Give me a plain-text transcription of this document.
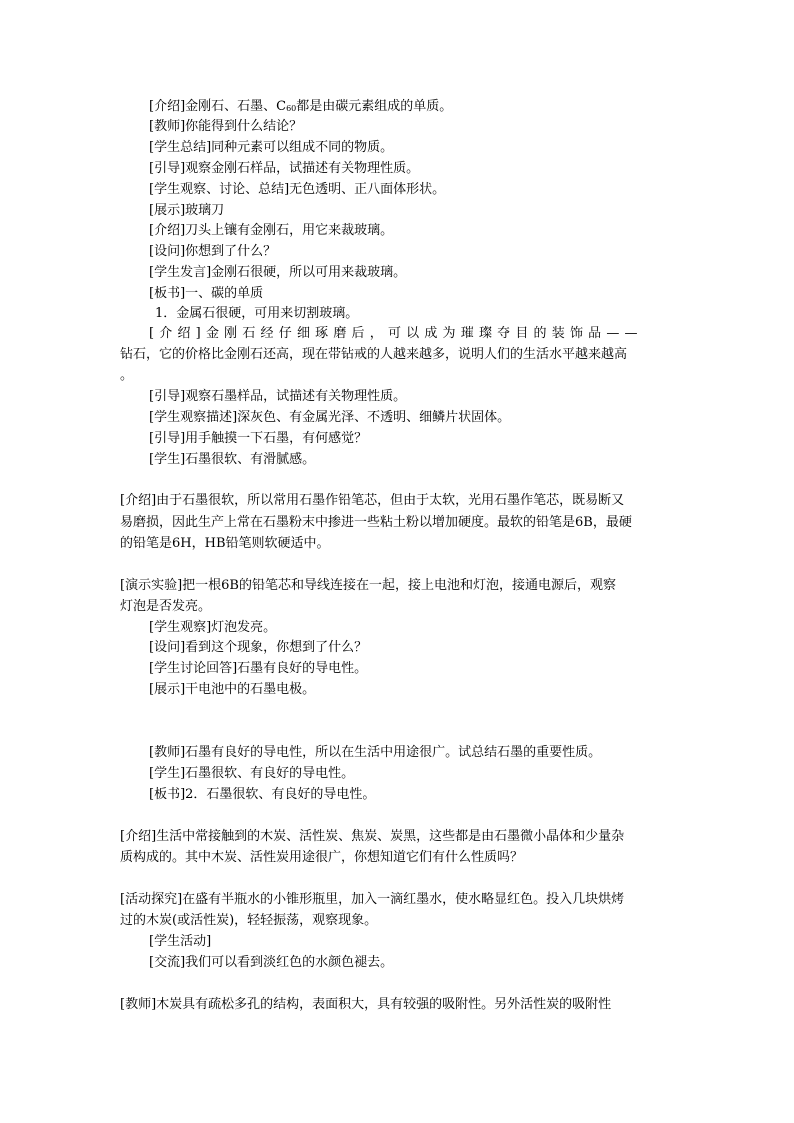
[介绍]金刚石、石墨、$C_{60}$都是由碳元素组成的单质。
[教师]你能得到什么结论？
[学生总结]同种元素可以组成不同的物质。
[引导]观察金刚石样品，试描述有关物理性质。
[学生观察、讨论、总结]无色透明、正八面体形状。
[展示]玻璃刀
[介绍]刀头上镶有金刚石，用它来裁玻璃。
[设问]你想到了什么？
[学生发言]金刚石很硬，所以可用来裁玻璃。
[板书]一、碳的单质
1．金属石很硬，可用来切割玻璃。
[介绍]金刚石经仔细琢磨后，可以成为璀璨夺目的装饰品——
钻石，它的价格比金刚石还高，现在带钻戒的人越来越多，说明人们的生活水平越来越高
。
[引导]观察石墨样品，试描述有关物理性质。
[学生观察描述]深灰色、有金属光泽、不透明、细鳞片状固体。
[引导]用手触摸一下石墨，有何感觉？
[学生]石墨很软、有滑腻感。
[介绍]由于石墨很软，所以常用石墨作铅笔芯，但由于太软，光用石墨作笔芯，既易断又
易磨损，因此生产上常在石墨粉末中掺进一些粘土粉以增加硬度。最软的铅笔是6B，最硬
的铅笔是6H，HB铅笔则软硬适中。
[演示实验]把一根6B的铅笔芯和导线连接在一起，接上电池和灯泡，接通电源后，观察
灯泡是否发亮。
[学生观察]灯泡发亮。
[设问]看到这个现象，你想到了什么？
[学生讨论回答]石墨有良好的导电性。
[展示]干电池中的石墨电极。
[教师]石墨有良好的导电性，所以在生活中用途很广。试总结石墨的重要性质。
[学生]石墨很软、有良好的导电性。
[板书]2．石墨很软、有良好的导电性。
[介绍]生活中常接触到的木炭、活性炭、焦炭、炭黑，这些都是由石墨微小晶体和少量杂
质构成的。其中木炭、活性炭用途很广，你想知道它们有什么性质吗？
[活动探究]在盛有半瓶水的小锥形瓶里，加入一滴红墨水，使水略显红色。投入几块烘烤
过的木炭(或活性炭)，轻轻振荡，观察现象。
[学生活动]
[交流]我们可以看到淡红色的水颜色褪去。
[教师]木炭具有疏松多孔的结构，表面积大，具有较强的吸附性。另外活性炭的吸附性
